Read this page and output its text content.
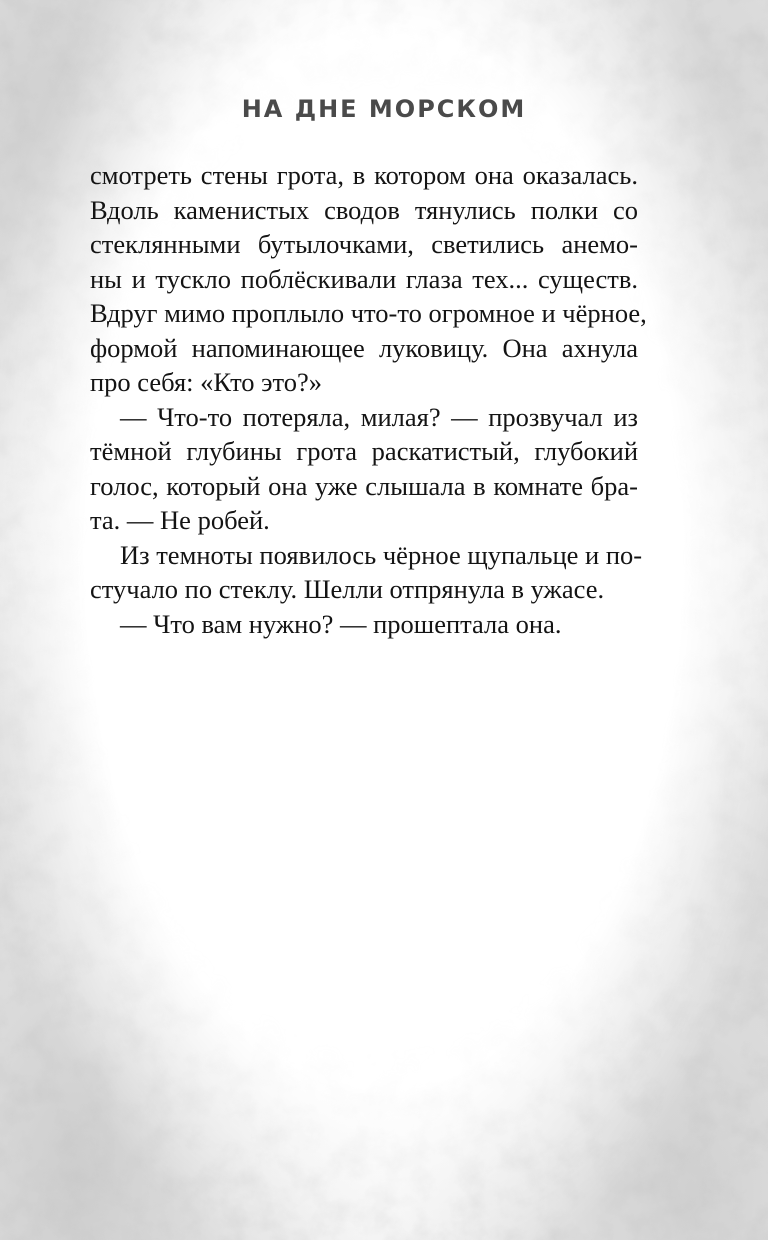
НА ДНЕ МОРСКОМ
смотреть стены грота, в котором она оказалась.
Вдоль каменистых сводов тянулись полки со
стеклянными бутылочками, светились анемо-
ны и тускло поблёскивали глаза тех... существ.
Вдруг мимо проплыло что-то огромное и чёрное,
формой напоминающее луковицу. Она ахнула
про себя: «Кто это?»
— Что-то потеряла, милая? — прозвучал из
тёмной глубины грота раскатистый, глубокий
голос, который она уже слышала в комнате бра-
та. — Не робей.
Из темноты появилось чёрное щупальце и по-
стучало по стеклу. Шелли отпрянула в ужасе.
— Что вам нужно? — прошептала она.
